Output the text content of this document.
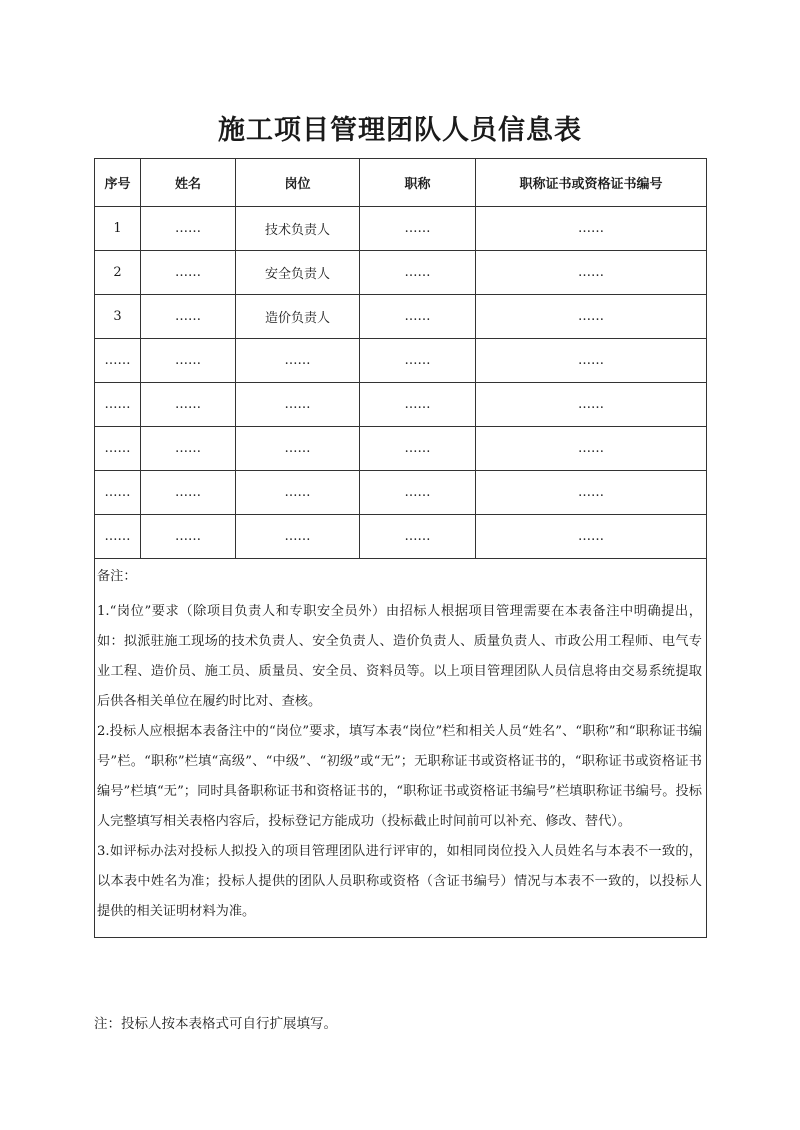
施工项目管理团队人员信息表
序号	姓名	岗位	职称	职称证书或资格证书编号
1	……	技术负责人	……	……
2	……	安全负责人	……	……
3	……	造价负责人	……	……
……	……	……	……	……
……	……	……	……	……
……	……	……	……	……
……	……	……	……	……
……	……	……	……	……

备注：

1.“岗位”要求（除项目负责人和专职安全员外）由招标人根据项目管理需要在本表备注中明确提出，如：拟派驻施工现场的技术负责人、安全负责人、造价负责人、质量负责人、市政公用工程师、电气专业工程、造价员、施工员、质量员、安全员、资料员等。以上项目管理团队人员信息将由交易系统提取后供各相关单位在履约时比对、查核。

2.投标人应根据本表备注中的“岗位”要求，填写本表“岗位”栏和相关人员“姓名”、“职称”和“职称证书编号”栏。“职称”栏填“高级”、“中级”、“初级”或“无”；无职称证书或资格证书的，“职称证书或资格证书编号”栏填“无”；同时具备职称证书和资格证书的，“职称证书或资格证书编号”栏填职称证书编号。投标人完整填写相关表格内容后，投标登记方能成功（投标截止时间前可以补充、修改、替代）。

3.如评标办法对投标人拟投入的项目管理团队进行评审的，如相同岗位投入人员姓名与本表不一致的，以本表中姓名为准；投标人提供的团队人员职称或资格（含证书编号）情况与本表不一致的，以投标人提供的相关证明材料为准。				

注：投标人按本表格式可自行扩展填写。
